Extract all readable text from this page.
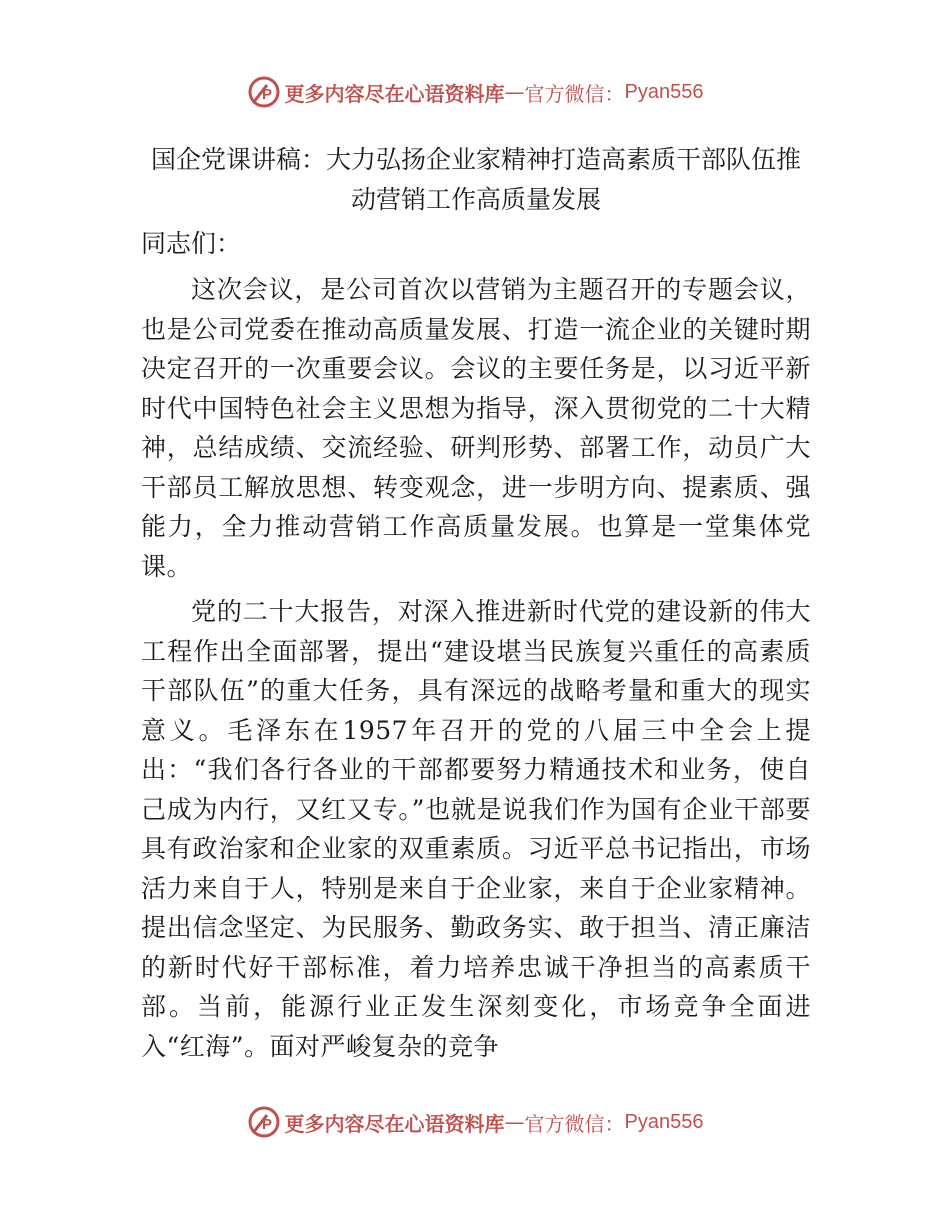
P 更多内容尽在心语资料库 — 官方微信： Pyan556
国企党课讲稿：大力弘扬企业家精神打造高素质干部队伍推动营销工作高质量发展
同志们：

这次会议，是公司首次以营销为主题召开的专题会议，也是公司党委在推动高质量发展、打造一流企业的关键时期决定召开的一次重要会议。会议的主要任务是，以习近平新时代中国特色社会主义思想为指导，深入贯彻党的二十大精神，总结成绩、交流经验、研判形势、部署工作，动员广大干部员工解放思想、转变观念，进一步明方向、提素质、强能力，全力推动营销工作高质量发展。也算是一堂集体党课。

党的二十大报告，对深入推进新时代党的建设新的伟大工程作出全面部署，提出“建设堪当民族复兴重任的高素质干部队伍”的重大任务，具有深远的战略考量和重大的现实意义。毛泽东在1957年召开的党的八届三中全会上提出：“我们各行各业的干部都要努力精通技术和业务，使自己成为内行，又红又专。”也就是说我们作为国有企业干部要具有政治家和企业家的双重素质。习近平总书记指出，市场活力来自于人，特别是来自于企业家，来自于企业家精神。提出信念坚定、为民服务、勤政务实、敢于担当、清正廉洁的新时代好干部标准，着力培养忠诚干净担当的高素质干部。当前，能源行业正发生深刻变化，市场竞争全面进入“红海”。面对严峻复杂的竞争

P 更多内容尽在心语资料库 — 官方微信： Pyan556
